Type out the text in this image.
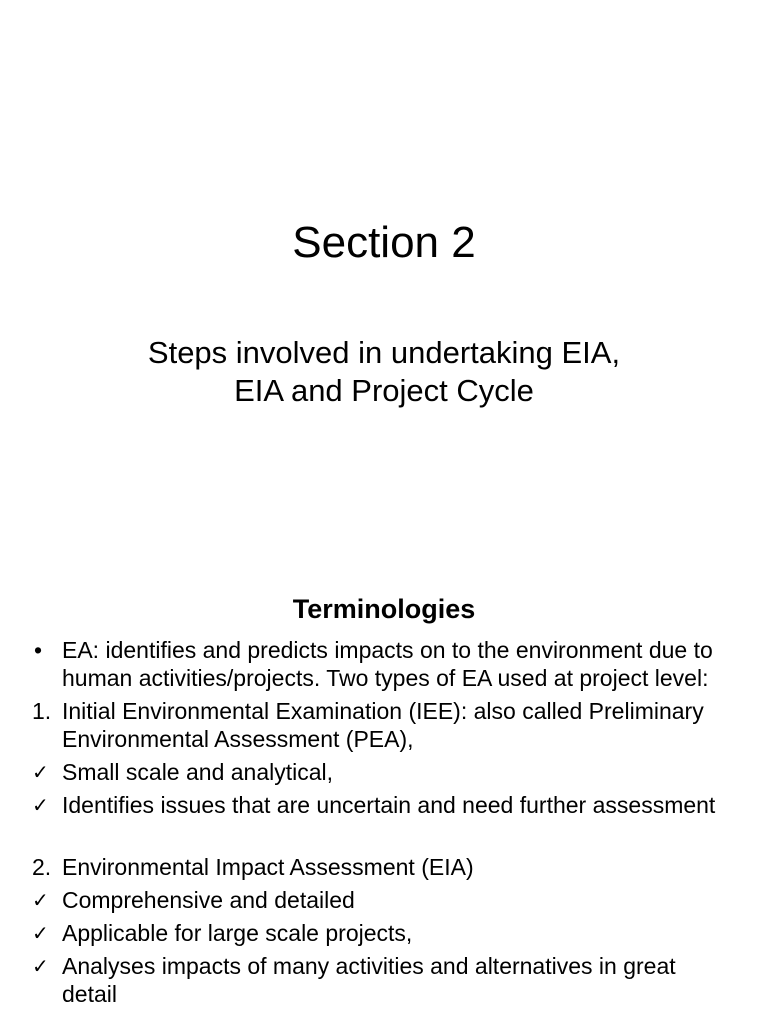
Section 2
Steps involved in undertaking EIA,
EIA and Project Cycle
Terminologies
• EA: identifies and predicts impacts on to the environment due to human activities/projects. Two types of EA used at project level:
1. Initial Environmental Examination (IEE): also called Preliminary Environmental Assessment (PEA),
✓ Small scale and analytical,
✓ Identifies issues that are uncertain and need further assessment
2. Environmental Impact Assessment (EIA)
✓ Comprehensive and detailed
✓ Applicable for large scale projects,
✓ Analyses impacts of many activities and alternatives in great detail
